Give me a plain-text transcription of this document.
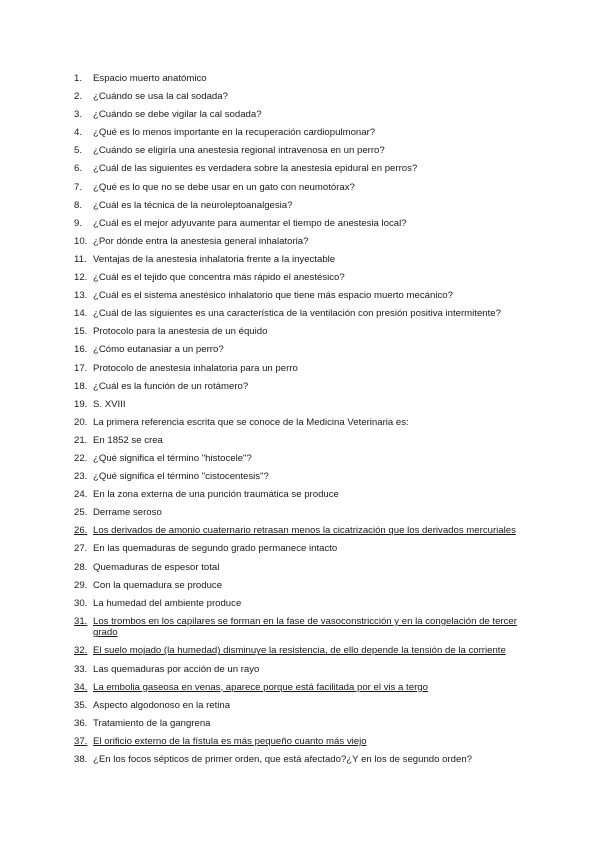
1.	Espacio muerto anatómico
2.	¿Cuándo se usa la cal sodada?
3.	¿Cuándo se debe vigilar la cal sodada?
4.	¿Qué es lo menos importante en la recuperación cardiopulmonar?
5.	¿Cuándo se eligiría una anestesia regional intravenosa en un perro?
6.	¿Cuál de las siguientes es verdadera sobre la anestesia epidural en perros?
7.	¿Qué es lo que no se debe usar en un gato con neumotórax?
8.	¿Cuál es la técnica de la neuroleptoanalgesia?
9.	¿Cuál es el mejor adyuvante para aumentar el tiempo de anestesia local?
10. ¿Por dónde entra la anestesia general inhalatoria?
11. Ventajas de la anestesia inhalatoria frente a la inyectable
12. ¿Cuál es el tejido que concentra más rápido el anestésico?
13. ¿Cuál es el sistema anestésico inhalatorio que tiene más espacio muerto mecánico?
14. ¿Cuál de las siguientes es una característica de la ventilación con presión positiva intermitente?
15. Protocolo para la anestesia de un équido
16. ¿Cómo eutanasiar a un perro?
17. Protocolo de anestesia inhalatoria para un perro
18. ¿Cuál es la función de un rotámero?
19. S. XVIII
20. La primera referencia escrita que se conoce de la Medicina Veterinaria es:
21. En 1852 se crea
22. ¿Qué significa el término "histocele"?
23. ¿Qué significa el término "cistocentesis"?
24. En la zona externa de una punción traumática se produce
25. Derrame seroso
26. Los derivados de amonio cuaternario retrasan menos la cicatrización que los derivados mercuriales
27. En las quemaduras de segundo grado permanece intacto
28. Quemaduras de espesor total
29. Con la quemadura se produce
30. La humedad del ambiente produce
31. Los trombos en los capilares se forman en la fase de vasoconstricción y en la congelación de tercer grado
32. El suelo mojado (la humedad) disminuye la resistencia, de ello depende la tensión de la corriente
33. Las quemaduras por acción de un rayo
34. La embolia gaseosa en venas, aparece porque está facilitada por el vis a tergo
35. Aspecto algodonoso en la retina
36. Tratamiento de la gangrena
37. El orificio externo de la fístula es más pequeño cuanto más viejo
38. ¿En los focos sépticos de primer orden, que está afectado?¿Y en los de segundo orden?
